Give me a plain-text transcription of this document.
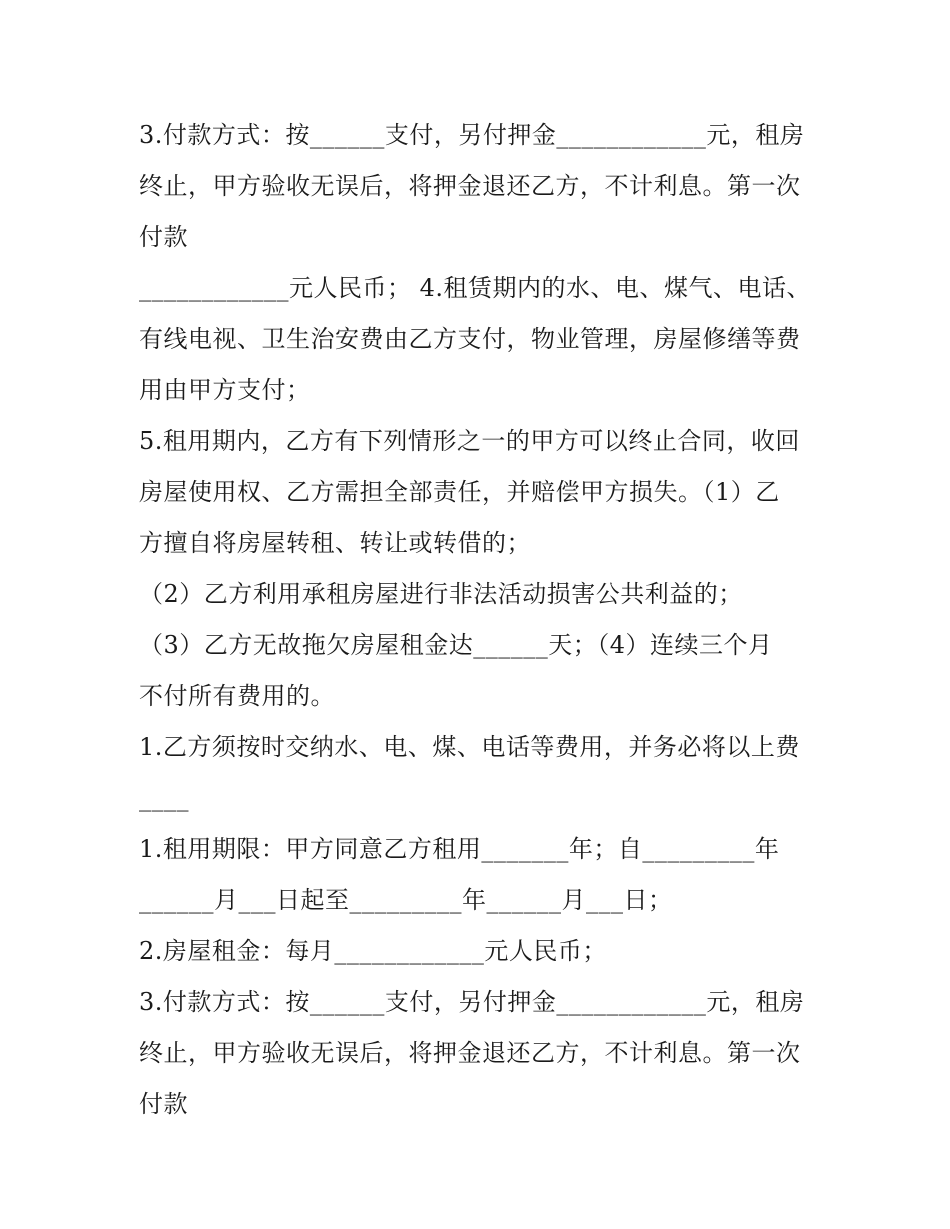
3.付款方式：按______支付，另付押金____________元，租房
终止，甲方验收无误后，将押金退还乙方，不计利息。第一次
付款
____________元人民币； 4.租赁期内的水、电、煤气、电话、
有线电视、卫生治安费由乙方支付，物业管理，房屋修缮等费
用由甲方支付；
5.租用期内，乙方有下列情形之一的甲方可以终止合同，收回
房屋使用权、乙方需担全部责任，并赔偿甲方损失。（1）乙
方擅自将房屋转租、转让或转借的；
（2）乙方利用承租房屋进行非法活动损害公共利益的；
（3）乙方无故拖欠房屋租金达______天；（4）连续三个月
不付所有费用的。
1.乙方须按时交纳水、电、煤、电话等费用，并务必将以上费
____
1.租用期限：甲方同意乙方租用_______年；自_________年
______月___日起至_________年______月___日；
2.房屋租金：每月____________元人民币；
3.付款方式：按______支付，另付押金____________元，租房
终止，甲方验收无误后，将押金退还乙方，不计利息。第一次
付款
